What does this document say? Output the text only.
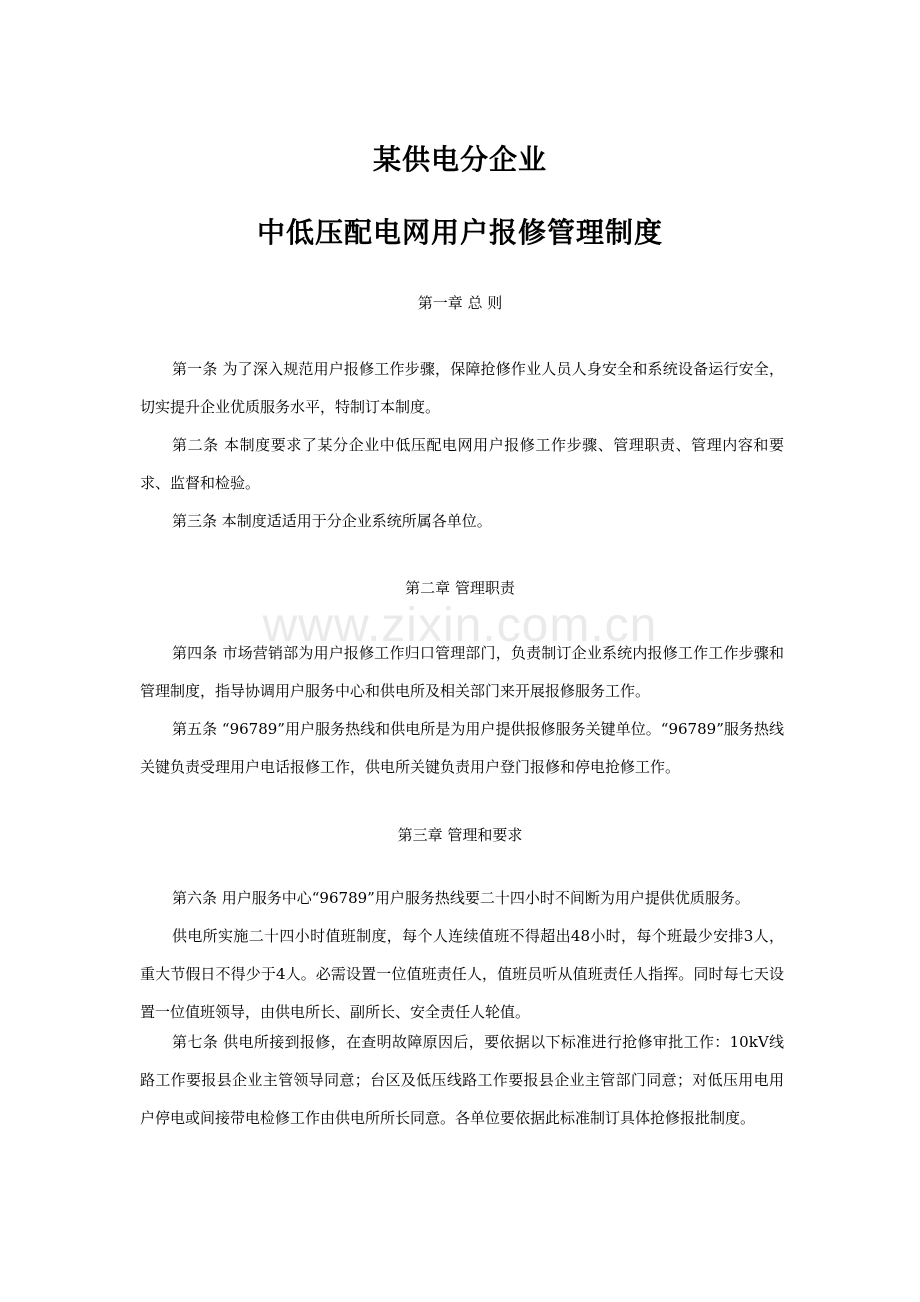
www.zixin.com.cn
某供电分企业
中低压配电网用户报修管理制度
第一章 总 则

第一条 为了深入规范用户报修工作步骤，保障抢修作业人员人身安全和系统设备运行安全，切实提升企业优质服务水平，特制订本制度。

第二条 本制度要求了某分企业中低压配电网用户报修工作步骤、管理职责、管理内容和要求、监督和检验。

第三条 本制度适适用于分企业系统所属各单位。

第二章 管理职责

第四条 市场营销部为用户报修工作归口管理部门，负责制订企业系统内报修工作工作步骤和管理制度，指导协调用户服务中心和供电所及相关部门来开展报修服务工作。

第五条 “96789”用户服务热线和供电所是为用户提供报修服务关键单位。“96789”服务热线关键负责受理用户电话报修工作，供电所关键负责用户登门报修和停电抢修工作。

第三章 管理和要求

第六条 用户服务中心“96789”用户服务热线要二十四小时不间断为用户提供优质服务。

供电所实施二十四小时值班制度，每个人连续值班不得超出48小时，每个班最少安排3人，重大节假日不得少于4人。必需设置一位值班责任人，值班员听从值班责任人指挥。同时每七天设置一位值班领导，由供电所长、副所长、安全责任人轮值。

第七条 供电所接到报修，在查明故障原因后，要依据以下标准进行抢修审批工作：10kV线路工作要报县企业主管领导同意；台区及低压线路工作要报县企业主管部门同意；对低压用电用户停电或间接带电检修工作由供电所所长同意。各单位要依据此标准制订具体抢修报批制度。
